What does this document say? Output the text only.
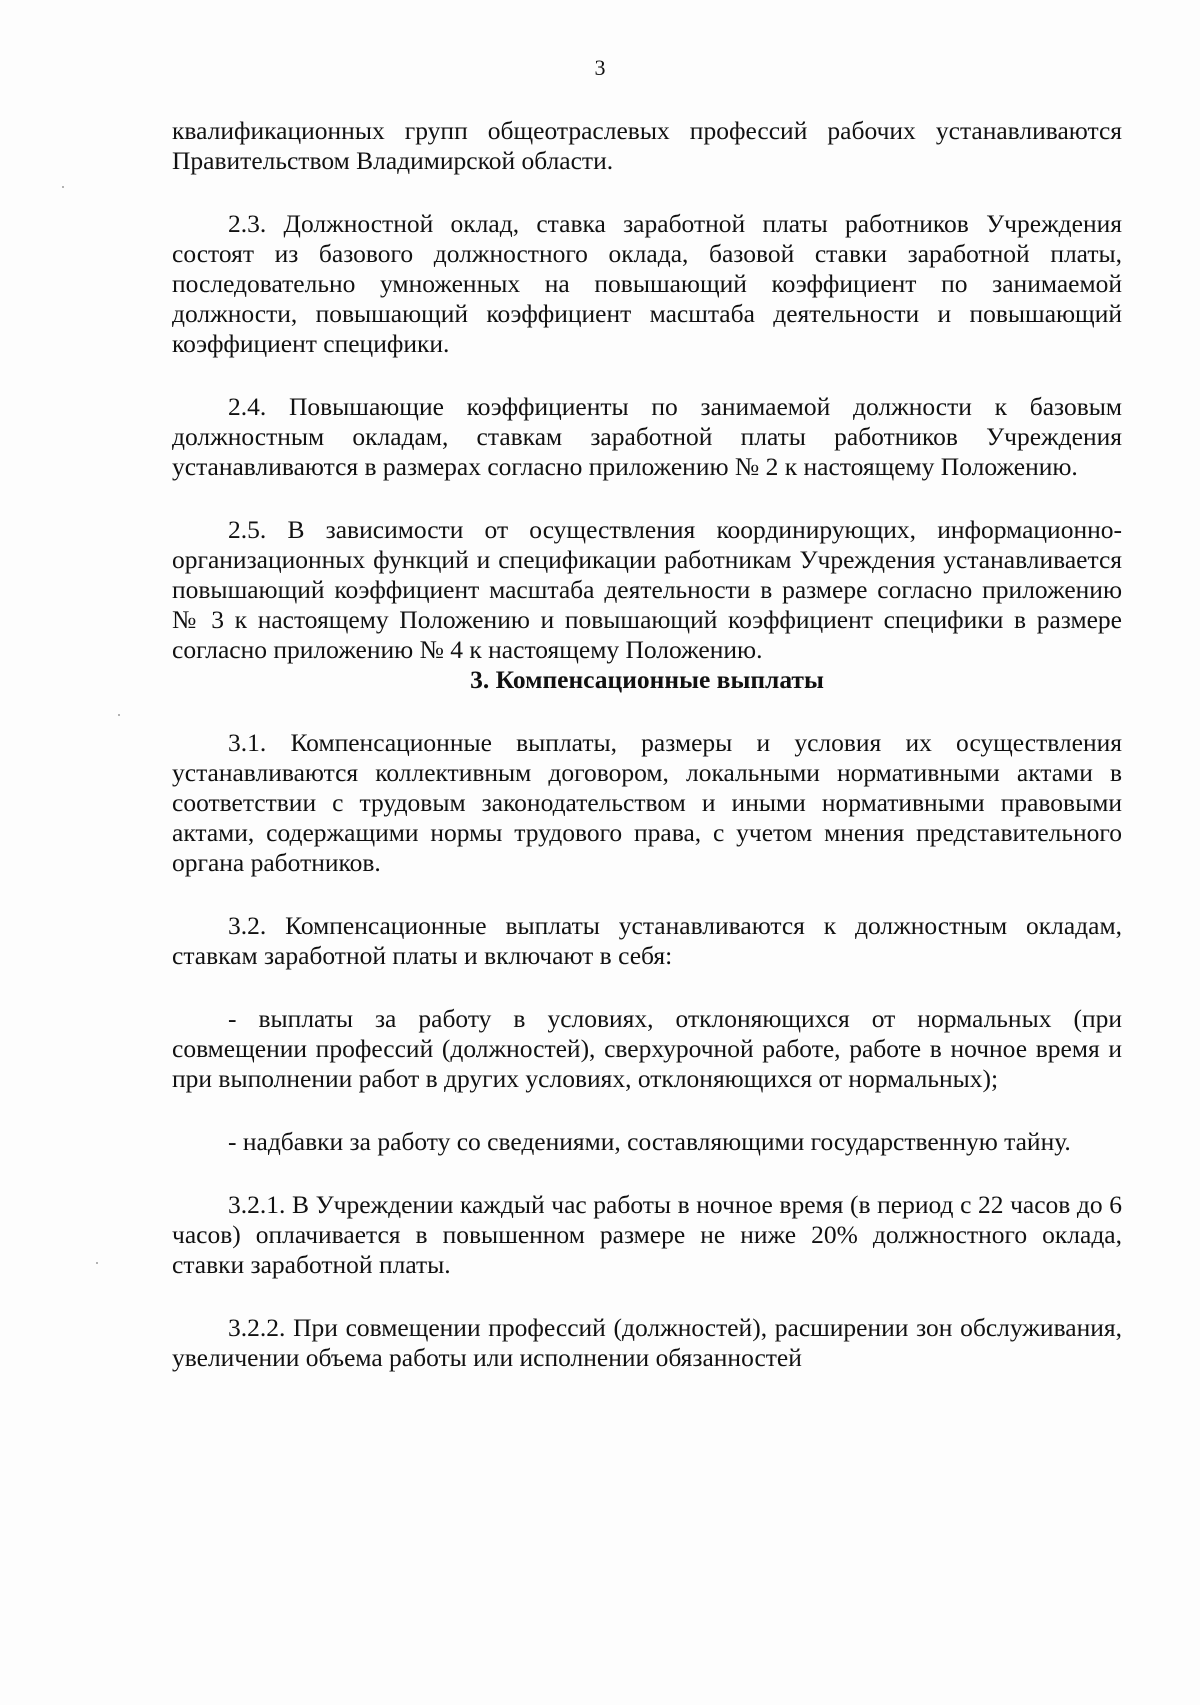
3

квалификационных групп общеотраслевых профессий рабочих устанавливаются Правительством Владимирской области.

2.3. Должностной оклад, ставка заработной платы работников Учреждения состоят из базового должностного оклада, базовой ставки заработной платы, последовательно умноженных на повышающий коэффициент по занимаемой должности, повышающий коэффициент масштаба деятельности и повышающий коэффициент специфики.

2.4. Повышающие коэффициенты по занимаемой должности к базовым должностным окладам, ставкам заработной платы работников Учреждения устанавливаются в размерах согласно приложению № 2 к настоящему Положению.

2.5. В зависимости от осуществления координирующих, информационно-организационных функций и спецификации работникам Учреждения устанавливается повышающий коэффициент масштаба деятельности в размере согласно приложению № 3 к настоящему Положению и повышающий коэффициент специфики в размере согласно приложению № 4 к настоящему Положению.

3. Компенсационные выплаты

3.1. Компенсационные выплаты, размеры и условия их осуществления устанавливаются коллективным договором, локальными нормативными актами в соответствии с трудовым законодательством и иными нормативными правовыми актами, содержащими нормы трудового права, с учетом мнения представительного органа работников.

3.2. Компенсационные выплаты устанавливаются к должностным окладам, ставкам заработной платы и включают в себя:

- выплаты за работу в условиях, отклоняющихся от нормальных (при совмещении профессий (должностей), сверхурочной работе, работе в ночное время и при выполнении работ в других условиях, отклоняющихся от нормальных);

- надбавки за работу со сведениями, составляющими государственную тайну.

3.2.1. В Учреждении каждый час работы в ночное время (в период с 22 часов до 6 часов) оплачивается в повышенном размере не ниже 20% должностного оклада, ставки заработной платы.

3.2.2. При совмещении профессий (должностей), расширении зон обслуживания, увеличении объема работы или исполнении обязанностей
